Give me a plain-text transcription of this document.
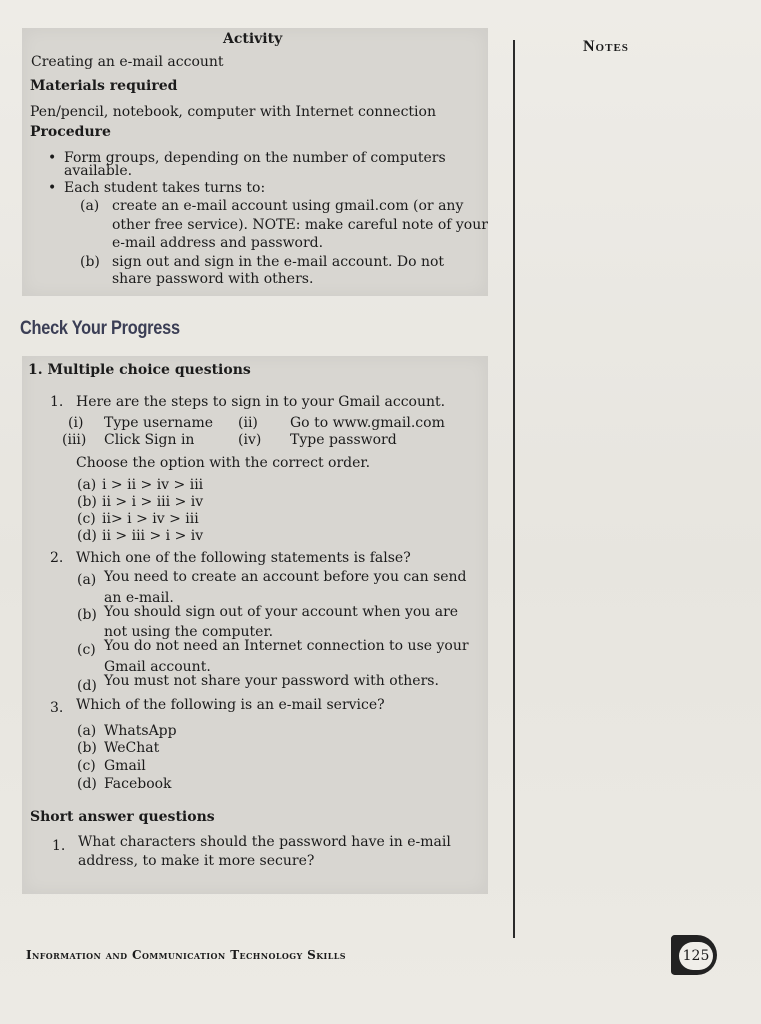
Activity
Creating an e-mail account
Materials required
Pen/pencil, notebook, computer with Internet connection
Procedure
• Form groups, depending on the number of computers
available.
• Each student takes turns to:
(a) create an e-mail account using gmail.com (or any
other free service). NOTE: make careful note of your
e-mail address and password.
(b) sign out and sign in the e-mail account. Do not
share password with others.
Check Your Progress
1. Multiple choice questions
1. Here are the steps to sign in to your Gmail account.
(i) Type username (ii) Go to www.gmail.com
(iii) Click Sign in	(iv) Type password
Choose the option with the correct order.
(a) i > ii > iv > iii
(b) ii > i > iii > iv
(c) ii> i > iv > iii
(d) ii > iii > i > iv
2. Which one of the following statements is false?
(a) You need to create an account before you can send
an e-mail.
(b) You should sign out of your account when you are
not using the computer.
(c) You do not need an Internet connection to use your
Gmail account.
(d) You must not share your password with others.
3. Which of the following is an e-mail service?
(a) WhatsApp
(b) WeChat
(c) Gmail
(d) Facebook
Short answer questions
1. What characters should the password have in e-mail
address, to make it more secure?
Notes
Information and Communication Technology Skills	125
